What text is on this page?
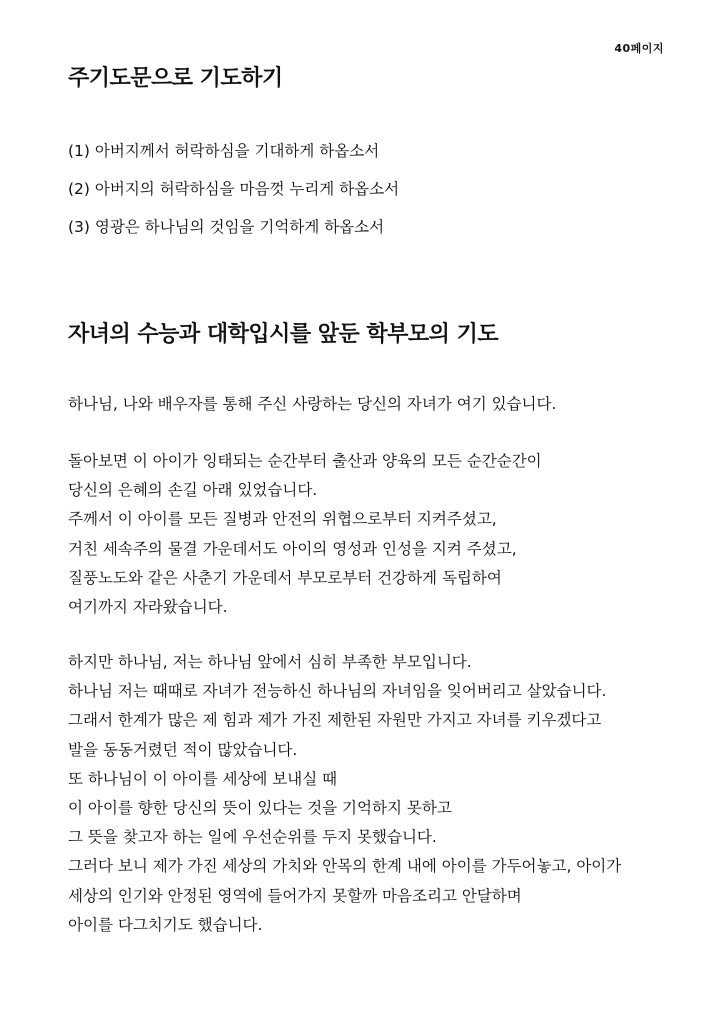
40페이지
주기도문으로 기도하기
(1) 아버지께서 허락하심을 기대하게 하옵소서
(2) 아버지의 허락하심을 마음껏 누리게 하옵소서
(3) 영광은 하나님의 것임을 기억하게 하옵소서
자녀의 수능과 대학입시를 앞둔 학부모의 기도

하나님, 나와 배우자를 통해 주신 사랑하는 당신의 자녀가 여기 있습니다.

돌아보면 이 아이가 잉태되는 순간부터 출산과 양육의 모든 순간순간이

당신의 은혜의 손길 아래 있었습니다.

주께서 이 아이를 모든 질병과 안전의 위협으로부터 지켜주셨고,

거친 세속주의 물결 가운데서도 아이의 영성과 인성을 지켜 주셨고,

질풍노도와 같은 사춘기 가운데서 부모로부터 건강하게 독립하여

여기까지 자라왔습니다.

하지만 하나님, 저는 하나님 앞에서 심히 부족한 부모입니다.

하나님 저는 때때로 자녀가 전능하신 하나님의 자녀임을 잊어버리고 살았습니다.

그래서 한계가 많은 제 힘과 제가 가진 제한된 자원만 가지고 자녀를 키우겠다고

발을 동동거렸던 적이 많았습니다.

또 하나님이 이 아이를 세상에 보내실 때

이 아이를 향한 당신의 뜻이 있다는 것을 기억하지 못하고

그 뜻을 찾고자 하는 일에 우선순위를 두지 못했습니다.

그러다 보니 제가 가진 세상의 가치와 안목의 한계 내에 아이를 가두어놓고, 아이가

세상의 인기와 안정된 영역에 들어가지 못할까 마음조리고 안달하며

아이를 다그치기도 했습니다.
